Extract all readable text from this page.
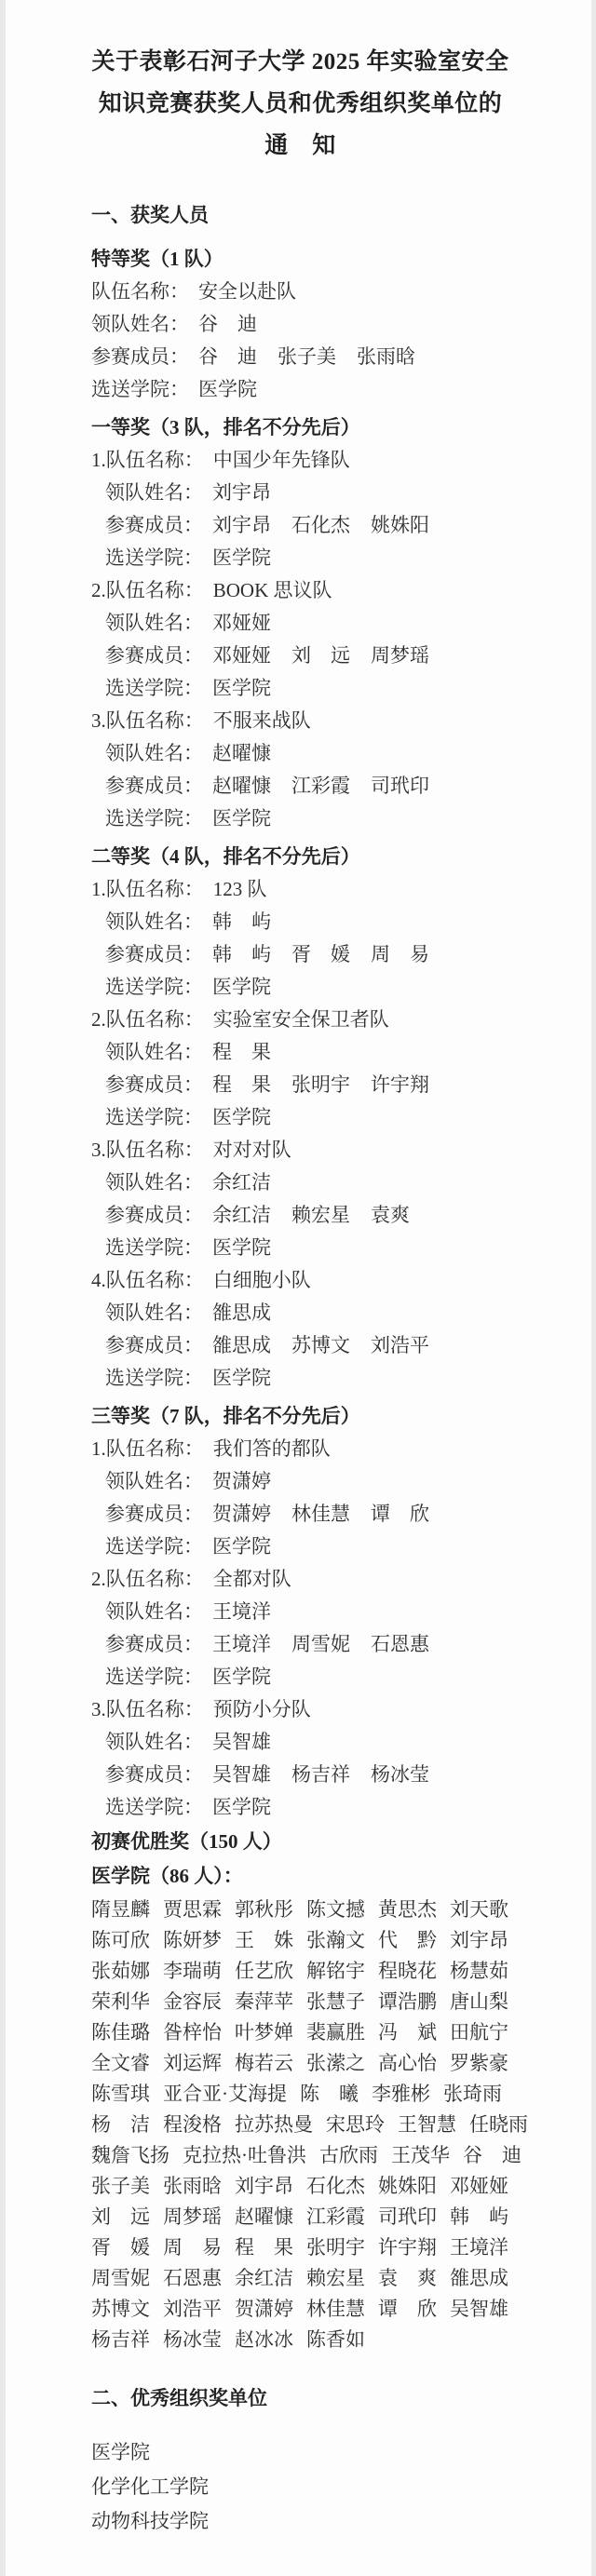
关于表彰石河子大学 2025 年实验室安全
知识竞赛获奖人员和优秀组织奖单位的
通　知
一、获奖人员
特等奖（1 队）
队伍名称： 安全以赴队
领队姓名： 谷　迪
参赛成员： 谷　迪 张子美 张雨晗
选送学院： 医学院
一等奖（3 队，排名不分先后）
1.队伍名称： 中国少年先锋队
领队姓名： 刘宇昂
参赛成员： 刘宇昂 石化杰 姚姝阳
选送学院： 医学院
2.队伍名称： BOOK 思议队
领队姓名： 邓娅娅
参赛成员： 邓娅娅 刘　远 周梦瑶
选送学院： 医学院
3.队伍名称： 不服来战队
领队姓名： 赵曜慷
参赛成员： 赵曜慷 江彩霞 司玳印
选送学院： 医学院
二等奖（4 队，排名不分先后）
1.队伍名称： 123 队
领队姓名： 韩　屿
参赛成员： 韩　屿 胥　媛 周　易
选送学院： 医学院
2.队伍名称： 实验室安全保卫者队
领队姓名： 程　果
参赛成员： 程　果 张明宇 许宇翔
选送学院： 医学院
3.队伍名称： 对对对队
领队姓名： 余红洁
参赛成员： 余红洁 赖宏星 袁爽
选送学院： 医学院
4.队伍名称： 白细胞小队
领队姓名： 雒思成
参赛成员： 雒思成 苏博文 刘浩平
选送学院： 医学院
三等奖（7 队，排名不分先后）
1.队伍名称： 我们答的都队
领队姓名： 贺潇婷
参赛成员： 贺潇婷 林佳慧 谭　欣
选送学院： 医学院
2.队伍名称： 全都对队
领队姓名： 王境洋
参赛成员： 王境洋 周雪妮 石恩惠
选送学院： 医学院
3.队伍名称： 预防小分队
领队姓名： 吴智雄
参赛成员： 吴智雄 杨吉祥 杨冰莹
选送学院： 医学院
初赛优胜奖（150 人）
医学院（86 人）：
隋昱麟 贾思霖 郭秋彤 陈文撼 黄思杰 刘天歌
陈可欣 陈妍梦 王　姝 张瀚文 代　黔 刘宇昂
张茹娜 李瑞萌 任艺欣 解铭宇 程晓花 杨慧茹
荣利华 金容辰 秦萍苹 张慧子 谭浩鹏 唐山梨
陈佳璐 昝梓怡 叶梦婵 裴赢胜 冯　斌 田航宁
全文睿 刘运辉 梅若云 张潆之 高心怡 罗紫豪
陈雪琪 亚合亚·艾海提 陈　曦 李雅彬 张琦雨
杨　洁 程浚格 拉苏热曼 宋思玲 王智慧 任晓雨
魏詹飞扬 克拉热·吐鲁洪 古欣雨 王茂华 谷　迪
张子美 张雨晗 刘宇昂 石化杰 姚姝阳 邓娅娅
刘　远 周梦瑶 赵曜慷 江彩霞 司玳印 韩　屿
胥　媛 周　易 程　果 张明宇 许宇翔 王境洋
周雪妮 石恩惠 余红洁 赖宏星 袁　爽 雒思成
苏博文 刘浩平 贺潇婷 林佳慧 谭　欣 吴智雄
杨吉祥 杨冰莹 赵冰冰 陈香如
二、优秀组织奖单位
医学院
化学化工学院
动物科技学院
